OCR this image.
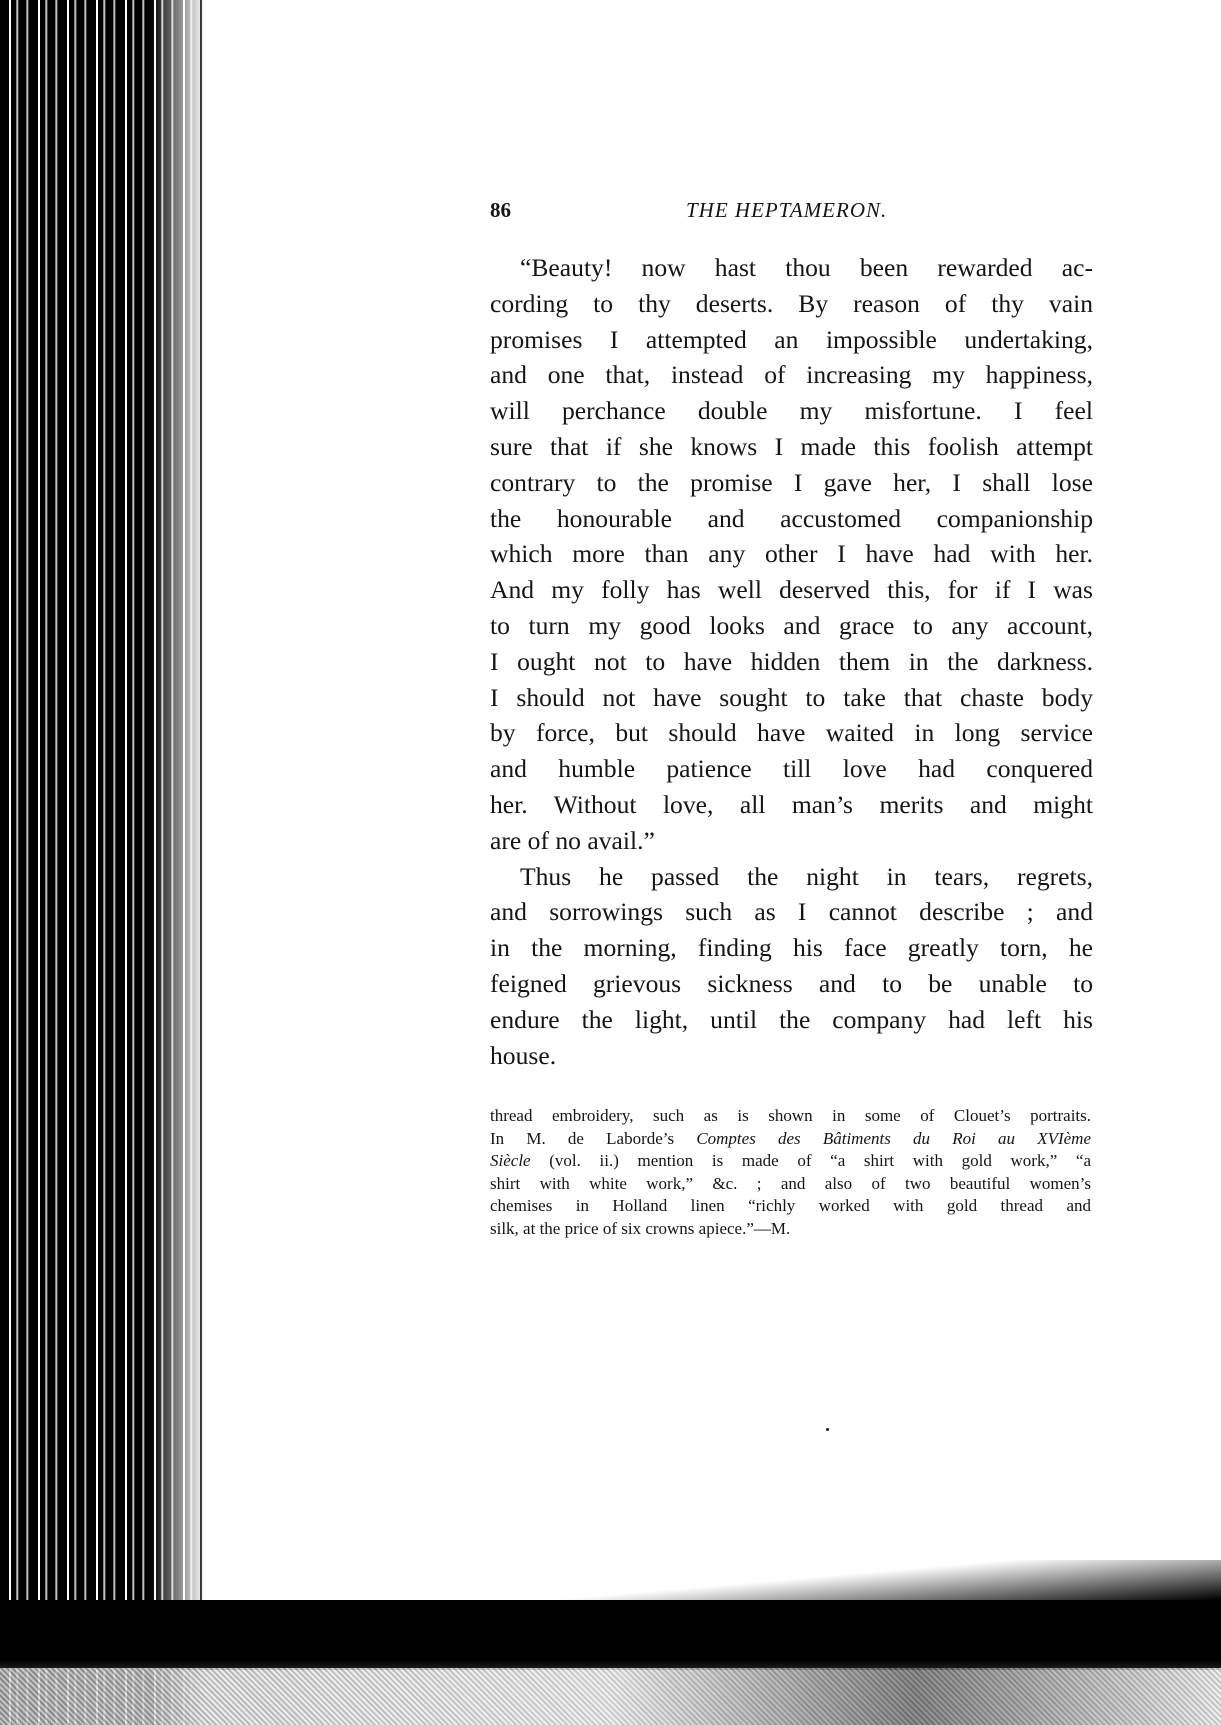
86	THE HEPTAMERON.
“Beauty! now hast thou been rewarded ac-
cording to thy deserts. By reason of thy vain
promises I attempted an impossible undertaking,
and one that, instead of increasing my happiness,
will perchance double my misfortune. I feel
sure that if she knows I made this foolish attempt
contrary to the promise I gave her, I shall lose
the honourable and accustomed companionship
which more than any other I have had with her.
And my folly has well deserved this, for if I was
to turn my good looks and grace to any account,
I ought not to have hidden them in the darkness.
I should not have sought to take that chaste body
by force, but should have waited in long service
and humble patience till love had conquered
her. Without love, all man’s merits and might
are of no avail.”
Thus he passed the night in tears, regrets,
and sorrowings such as I cannot describe ; and
in the morning, finding his face greatly torn, he
feigned grievous sickness and to be unable to
endure the light, until the company had left his
house.
thread embroidery, such as is shown in some of Clouet’s portraits.
In M. de Laborde’s Comptes des Bâtiments du Roi au XVIème
Siècle (vol. ii.) mention is made of “a shirt with gold work,” “a
shirt with white work,” &c. ; and also of two beautiful women’s
chemises in Holland linen “richly worked with gold thread and
silk, at the price of six crowns apiece.”—M.
